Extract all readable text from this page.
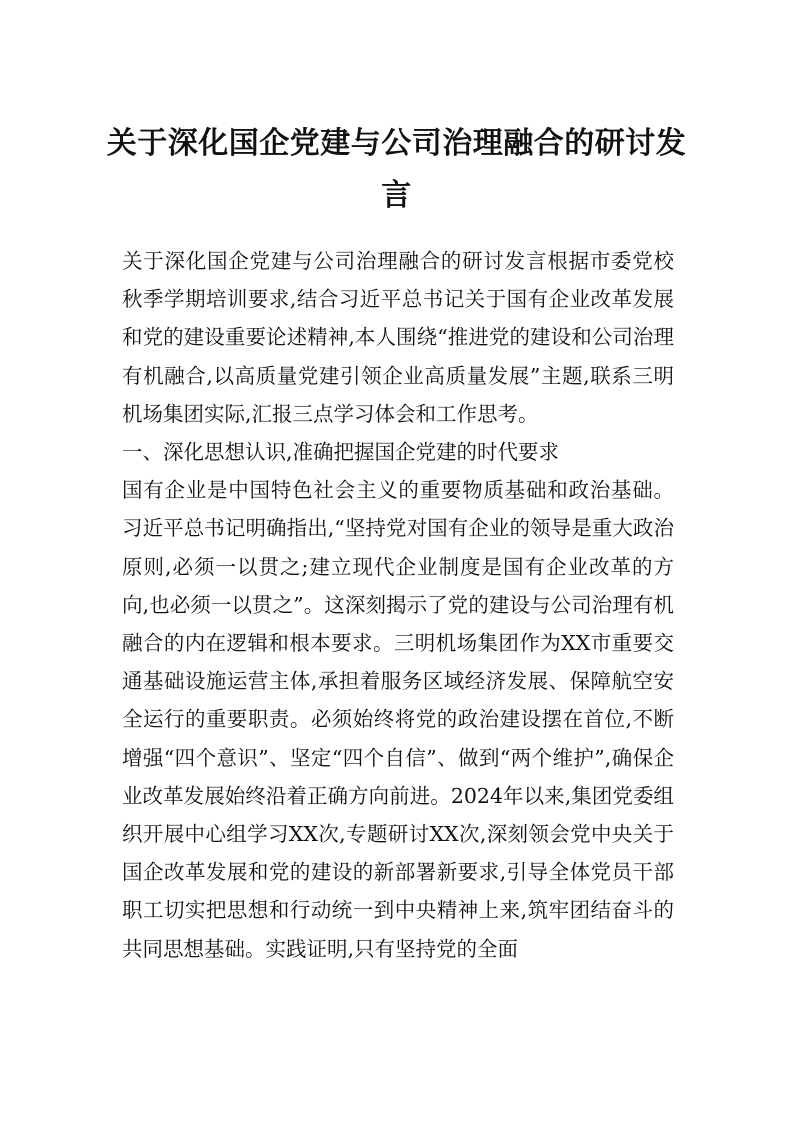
关于深化国企党建与公司治理融合的研讨发言

关于深化国企党建与公司治理融合的研讨发言根据市委党校秋季学期培训要求,结合习近平总书记关于国有企业改革发展和党的建设重要论述精神,本人围绕“推进党的建设和公司治理有机融合,以高质量党建引领企业高质量发展”主题,联系三明机场集团实际,汇报三点学习体会和工作思考。

一、深化思想认识,准确把握国企党建的时代要求

国有企业是中国特色社会主义的重要物质基础和政治基础。习近平总书记明确指出,“坚持党对国有企业的领导是重大政治原则,必须一以贯之;建立现代企业制度是国有企业改革的方向,也必须一以贯之”。这深刻揭示了党的建设与公司治理有机融合的内在逻辑和根本要求。三明机场集团作为XX市重要交通基础设施运营主体,承担着服务区域经济发展、保障航空安全运行的重要职责。必须始终将党的政治建设摆在首位,不断增强“四个意识”、坚定“四个自信”、做到“两个维护”,确保企业改革发展始终沿着正确方向前进。2024年以来,集团党委组织开展中心组学习XX次,专题研讨XX次,深刻领会党中央关于国企改革发展和党的建设的新部署新要求,引导全体党员干部职工切实把思想和行动统一到中央精神上来,筑牢团结奋斗的共同思想基础。实践证明,只有坚持党的全面
